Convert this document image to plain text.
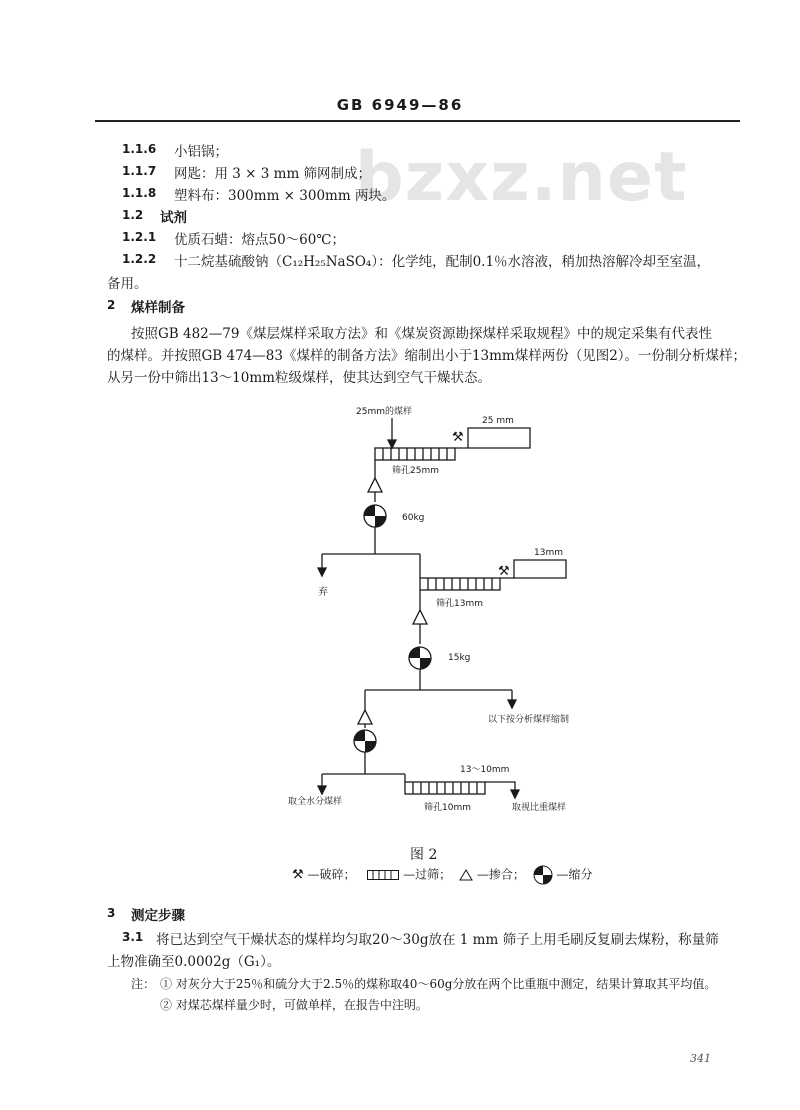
GB 6949—86
bzxz.net
1.1.6 小铝锅；
1.1.7 网匙：用 3 × 3 mm 筛网制成；
1.1.8 塑料布：300mm × 300mm 两块。
1.2 试剂
1.2.1 优质石蜡：熔点50～60℃；
1.2.2 十二烷基硫酸钠（C₁₂H₂₅NaSO₄）：化学纯，配制0.1％水溶液，稍加热溶解冷却至室温，
备用。
2 煤样制备
按照GB 482—79《煤层煤样采取方法》和《煤炭资源勘探煤样采取规程》中的规定采集有代表性
的煤样。并按照GB 474—83《煤样的制备方法》缩制出小于13mm煤样两份（见图2）。一份制分析煤样；
从另一份中筛出13～10mm粒级煤样，使其达到空气干燥状态。
⚒
⚒
25mm的煤样
25 mm
筛孔25mm
60kg
弃
13mm
筛孔13mm
15kg
以下按分析煤样缩制
取全水分煤样
13～10mm
筛孔10mm	取视比重煤样
图 2
⚒ —破碎；	—过筛； —掺合；	—缩分
3 测定步骤
3.1 将已达到空气干燥状态的煤样均匀取20～30g放在 1 mm 筛子上用毛刷反复刷去煤粉，称量筛
上物准确至0.0002g（G₁）。
注： ① 对灰分大于25％和硫分大于2.5％的煤称取40～60g分放在两个比重瓶中测定，结果计算取其平均值。
② 对煤芯煤样量少时，可做单样，在报告中注明。
341
